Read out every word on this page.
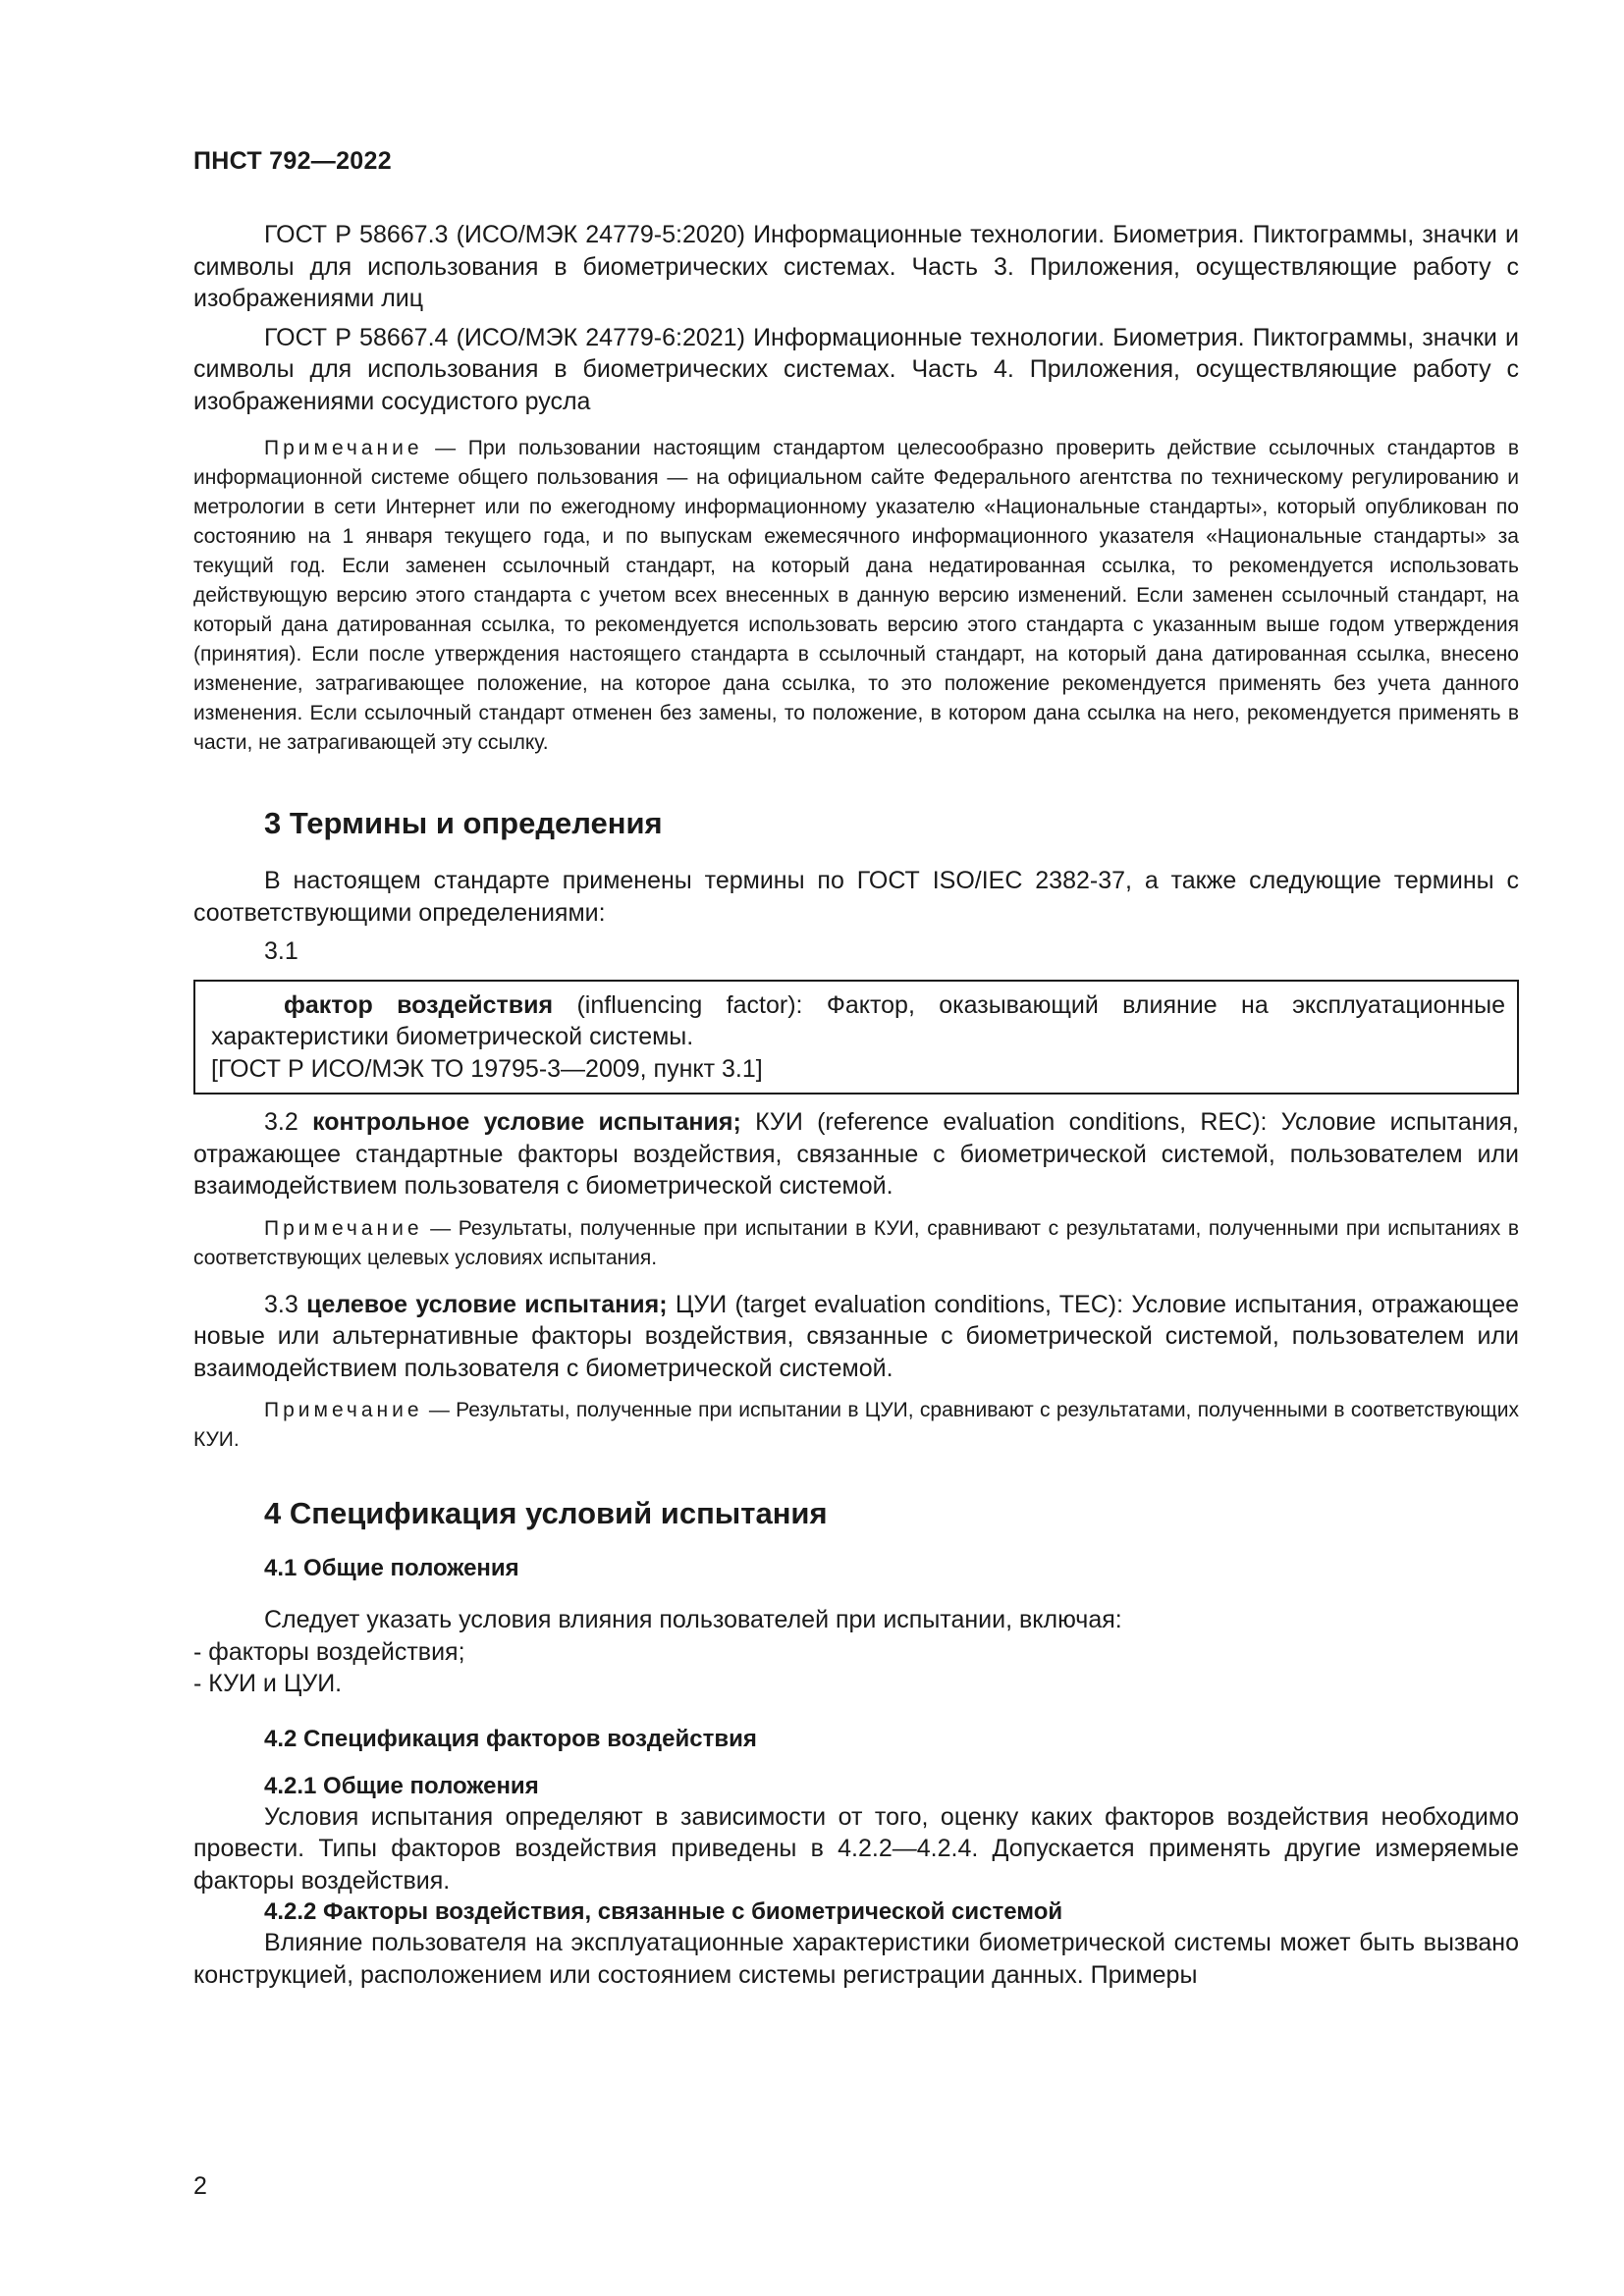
ПНСТ 792—2022

ГОСТ Р 58667.3 (ИСО/МЭК 24779-5:2020) Информационные технологии. Биометрия. Пиктограммы, значки и символы для использования в биометрических системах. Часть 3. Приложения, осуществляющие работу с изображениями лиц

ГОСТ Р 58667.4 (ИСО/МЭК 24779-6:2021) Информационные технологии. Биометрия. Пиктограммы, значки и символы для использования в биометрических системах. Часть 4. Приложения, осуществляющие работу с изображениями сосудистого русла

Примечание — При пользовании настоящим стандартом целесообразно проверить действие ссылочных стандартов в информационной системе общего пользования — на официальном сайте Федерального агентства по техническому регулированию и метрологии в сети Интернет или по ежегодному информационному указателю «Национальные стандарты», который опубликован по состоянию на 1 января текущего года, и по выпускам ежемесячного информационного указателя «Национальные стандарты» за текущий год. Если заменен ссылочный стандарт, на который дана недатированная ссылка, то рекомендуется использовать действующую версию этого стандарта с учетом всех внесенных в данную версию изменений. Если заменен ссылочный стандарт, на который дана датированная ссылка, то рекомендуется использовать версию этого стандарта с указанным выше годом утверждения (принятия). Если после утверждения настоящего стандарта в ссылочный стандарт, на который дана датированная ссылка, внесено изменение, затрагивающее положение, на которое дана ссылка, то это положение рекомендуется применять без учета данного изменения. Если ссылочный стандарт отменен без замены, то положение, в котором дана ссылка на него, рекомендуется применять в части, не затрагивающей эту ссылку.

3 Термины и определения

В настоящем стандарте применены термины по ГОСТ ISO/IEC 2382-37, а также следующие термины с соответствующими определениями:

3.1

фактор воздействия (influencing factor): Фактор, оказывающий влияние на эксплуатационные характеристики биометрической системы.

[ГОСТ Р ИСО/МЭК ТО 19795-3—2009, пункт 3.1]

3.2 контрольное условие испытания; КУИ (reference evaluation conditions, REC): Условие испытания, отражающее стандартные факторы воздействия, связанные с биометрической системой, пользователем или взаимодействием пользователя с биометрической системой.

Примечание — Результаты, полученные при испытании в КУИ, сравнивают с результатами, полученными при испытаниях в соответствующих целевых условиях испытания.

3.3 целевое условие испытания; ЦУИ (target evaluation conditions, TEC): Условие испытания, отражающее новые или альтернативные факторы воздействия, связанные с биометрической системой, пользователем или взаимодействием пользователя с биометрической системой.

Примечание — Результаты, полученные при испытании в ЦУИ, сравнивают с результатами, полученными в соответствующих КУИ.

4 Спецификация условий испытания
4.1 Общие положения
Следует указать условия влияния пользователей при испытании, включая:
- факторы воздействия;
- КУИ и ЦУИ.
4.2 Спецификация факторов воздействия
4.2.1 Общие положения

Условия испытания определяют в зависимости от того, оценку каких факторов воздействия необходимо провести. Типы факторов воздействия приведены в 4.2.2—4.2.4. Допускается применять другие измеряемые факторы воздействия.

4.2.2 Факторы воздействия, связанные с биометрической системой

Влияние пользователя на эксплуатационные характеристики биометрической системы может быть вызвано конструкцией, расположением или состоянием системы регистрации данных. Примеры

2
